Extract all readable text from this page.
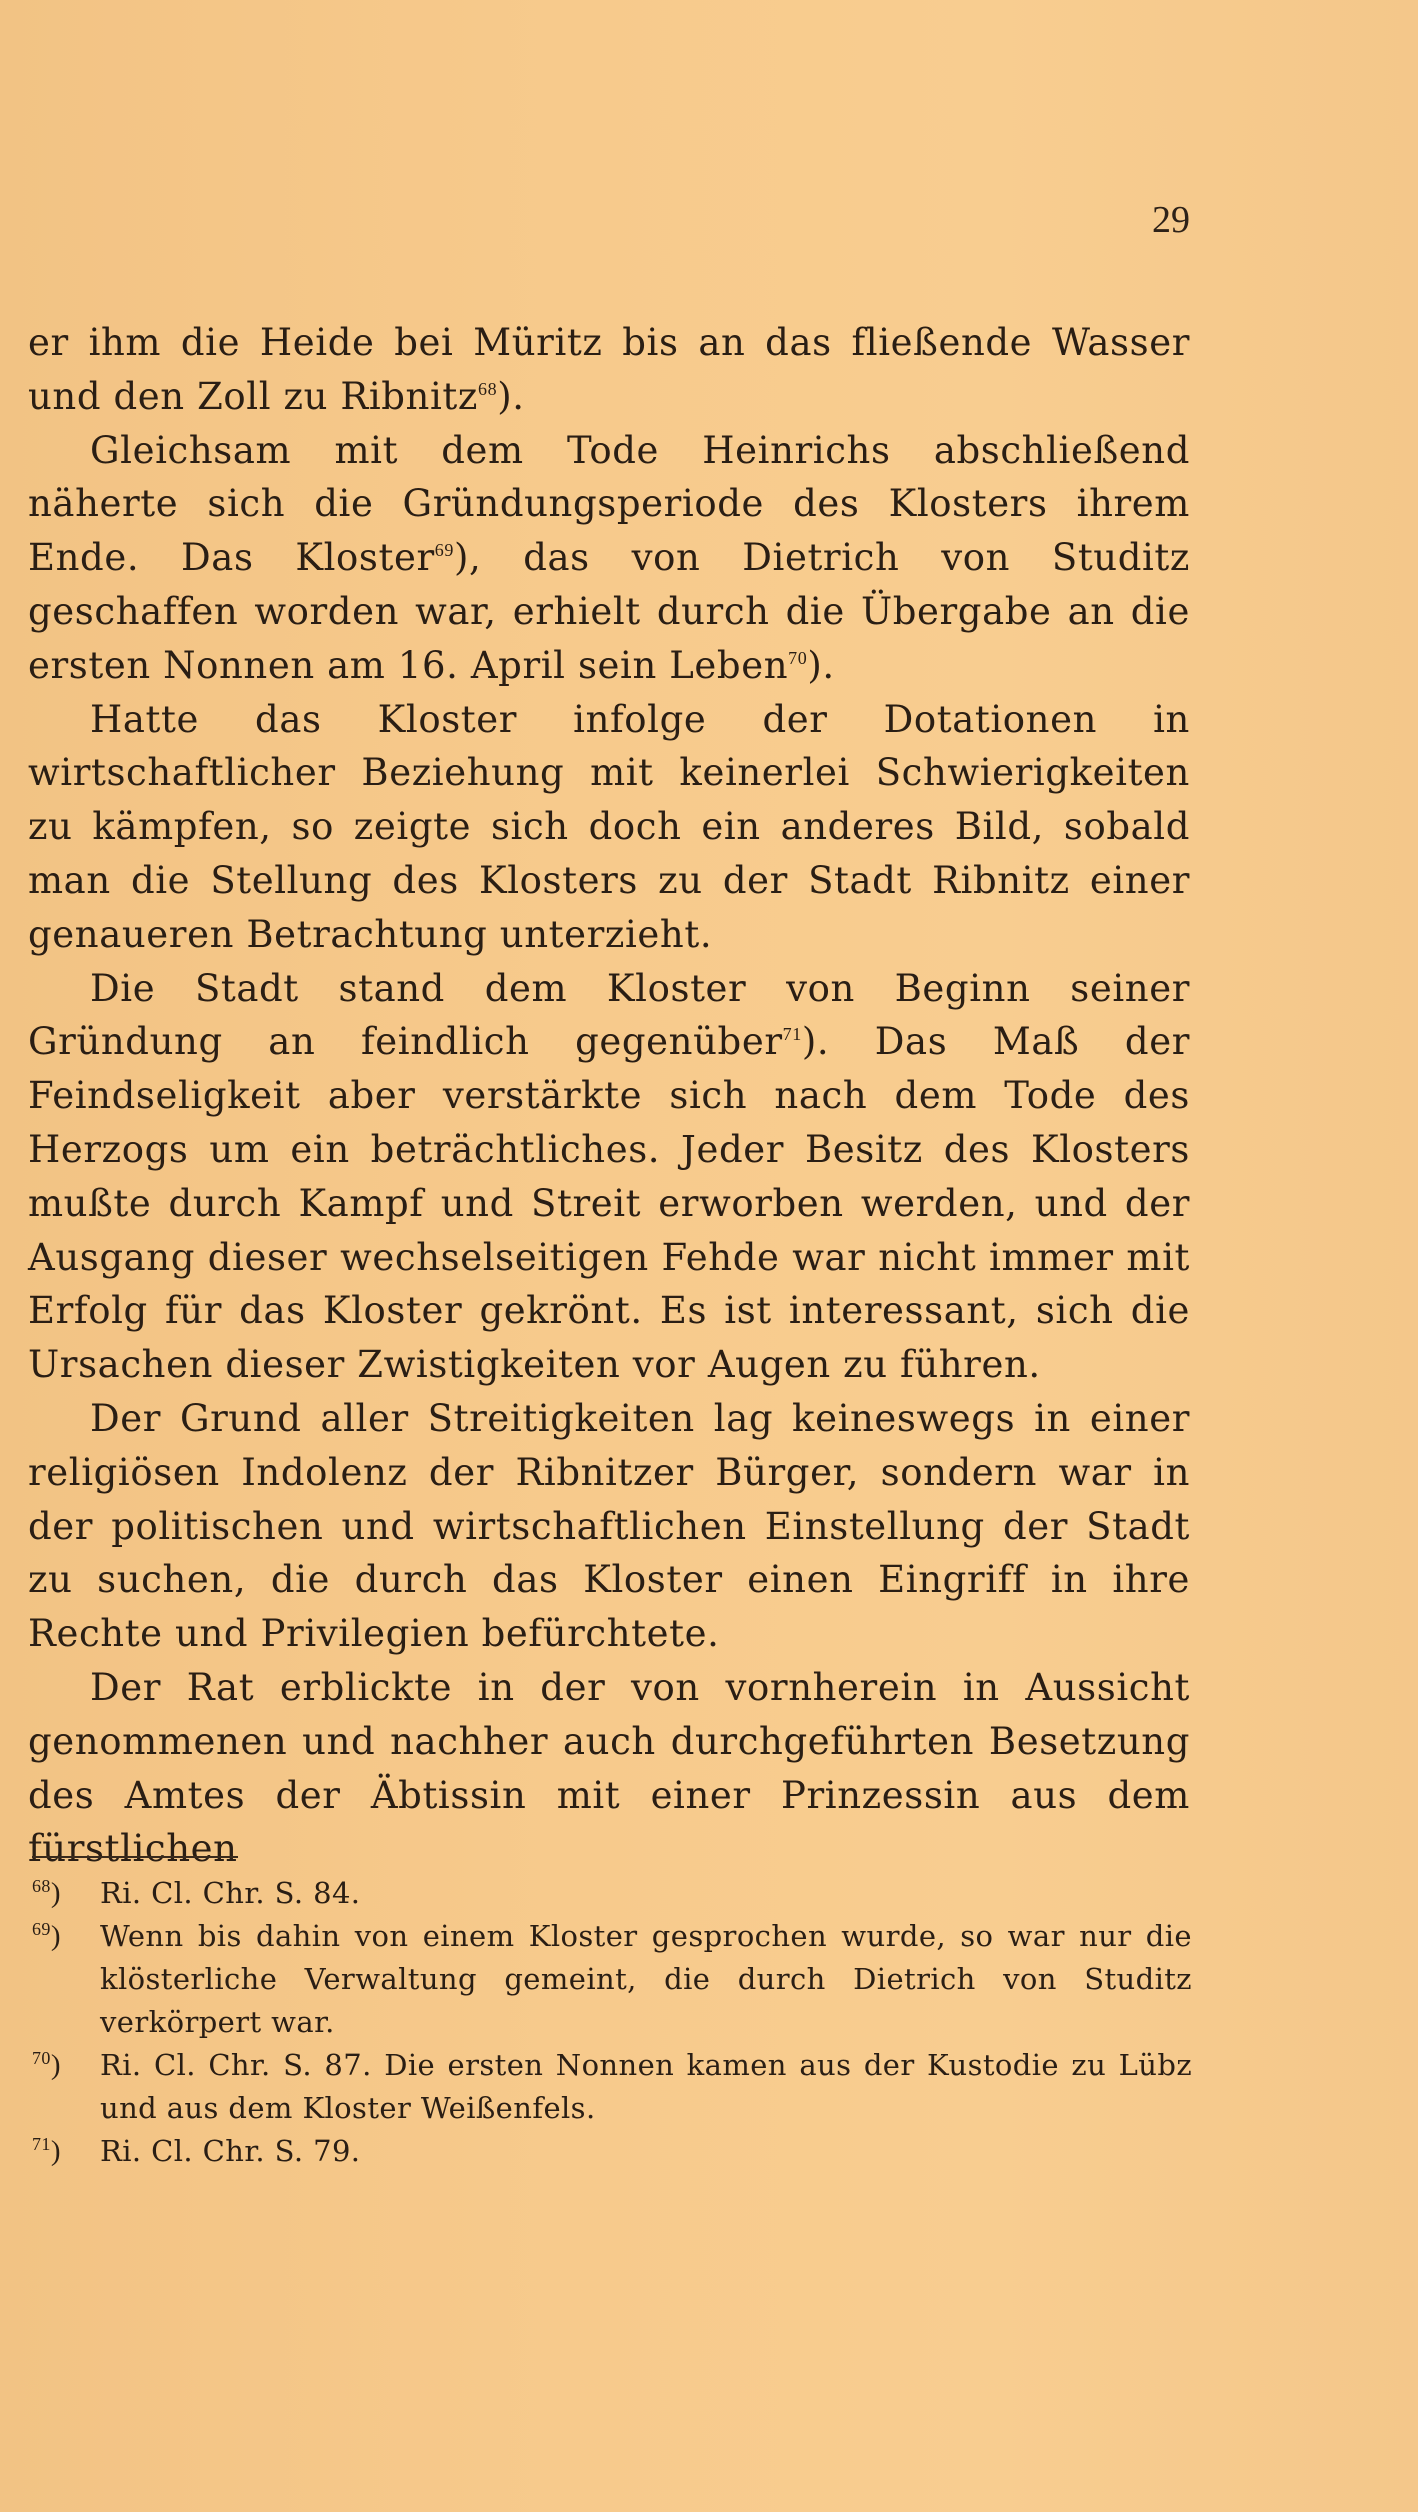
29

er ihm die Heide bei Müritz bis an das fließende Wasser und den Zoll zu Ribnitz$^{68}$).

Gleichsam mit dem Tode Heinrichs abschließend näherte sich die Gründungsperiode des Klosters ihrem Ende. Das Kloster$^{69}$), das von Dietrich von Studitz geschaffen worden war, erhielt durch die Übergabe an die ersten Nonnen am 16. April sein Leben$^{70}$).

Hatte das Kloster infolge der Dotationen in wirtschaftlicher Beziehung mit keinerlei Schwierigkeiten zu kämpfen, so zeigte sich doch ein anderes Bild, sobald man die Stellung des Klosters zu der Stadt Ribnitz einer genaueren Betrachtung unterzieht.

Die Stadt stand dem Kloster von Beginn seiner Gründung an feindlich gegenüber$^{71}$). Das Maß der Feindseligkeit aber verstärkte sich nach dem Tode des Herzogs um ein beträchtliches. Jeder Besitz des Klosters mußte durch Kampf und Streit erworben werden, und der Ausgang dieser wechselseitigen Fehde war nicht immer mit Erfolg für das Kloster gekrönt. Es ist interessant, sich die Ursachen dieser Zwistigkeiten vor Augen zu führen.

Der Grund aller Streitigkeiten lag keineswegs in einer religiösen Indolenz der Ribnitzer Bürger, sondern war in der politischen und wirtschaftlichen Einstellung der Stadt zu suchen, die durch das Kloster einen Eingriff in ihre Rechte und Privilegien befürchtete.

Der Rat erblickte in der von vornherein in Aussicht genommenen und nachher auch durchgeführten Besetzung des Amtes der Äbtissin mit einer Prinzessin aus dem fürstlichen

$^{68}$)	Ri. Cl. Chr. S. 84.

$^{69}$)	Wenn bis dahin von einem Kloster gesprochen wurde, so war nur die klösterliche Verwaltung gemeint, die durch Dietrich von Studitz verkörpert war.

$^{70}$)	Ri. Cl. Chr. S. 87. Die ersten Nonnen kamen aus der Kustodie zu Lübz und aus dem Kloster Weißenfels.

$^{71}$)	Ri. Cl. Chr. S. 79.
